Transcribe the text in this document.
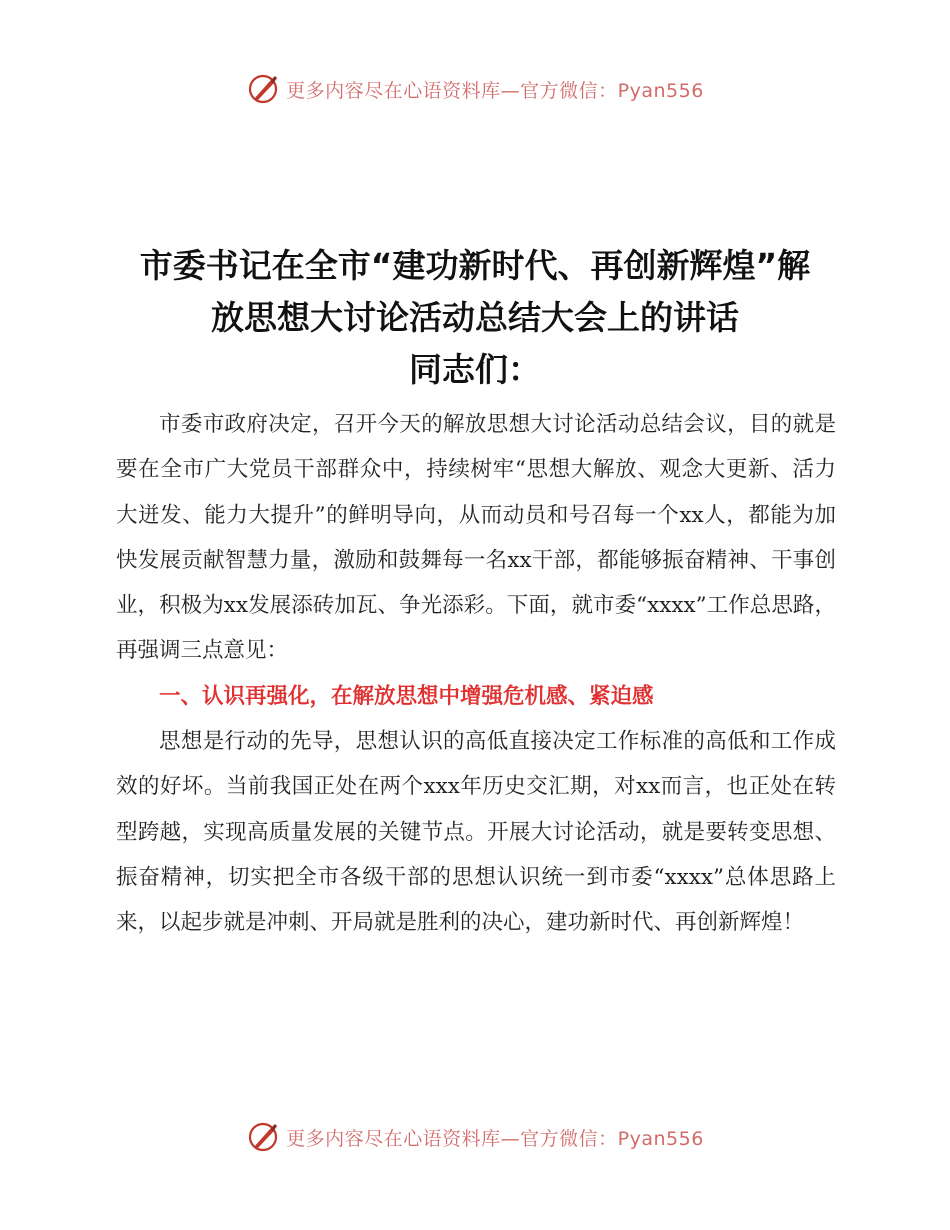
更多内容尽在心语资料库—官方微信：Pyan556
市委书记在全市“建功新时代、再创新辉煌”解
放思想大讨论活动总结大会上的讲话
同志们：

市委市政府决定，召开今天的解放思想大讨论活动总结会议，目的就是要在全市广大党员干部群众中，持续树牢“思想大解放、观念大更新、活力大迸发、能力大提升”的鲜明导向，从而动员和号召每一个xx人，都能为加快发展贡献智慧力量，激励和鼓舞每一名xx干部，都能够振奋精神、干事创业，积极为xx发展添砖加瓦、争光添彩。下面，就市委“xxxx”工作总思路，再强调三点意见：

一、认识再强化，在解放思想中增强危机感、紧迫感

思想是行动的先导，思想认识的高低直接决定工作标准的高低和工作成效的好坏。当前我国正处在两个xxx年历史交汇期，对xx而言，也正处在转型跨越，实现高质量发展的关键节点。开展大讨论活动，就是要转变思想、振奋精神，切实把全市各级干部的思想认识统一到市委“xxxx”总体思路上来，以起步就是冲刺、开局就是胜利的决心，建功新时代、再创新辉煌！

更多内容尽在心语资料库—官方微信：Pyan556
